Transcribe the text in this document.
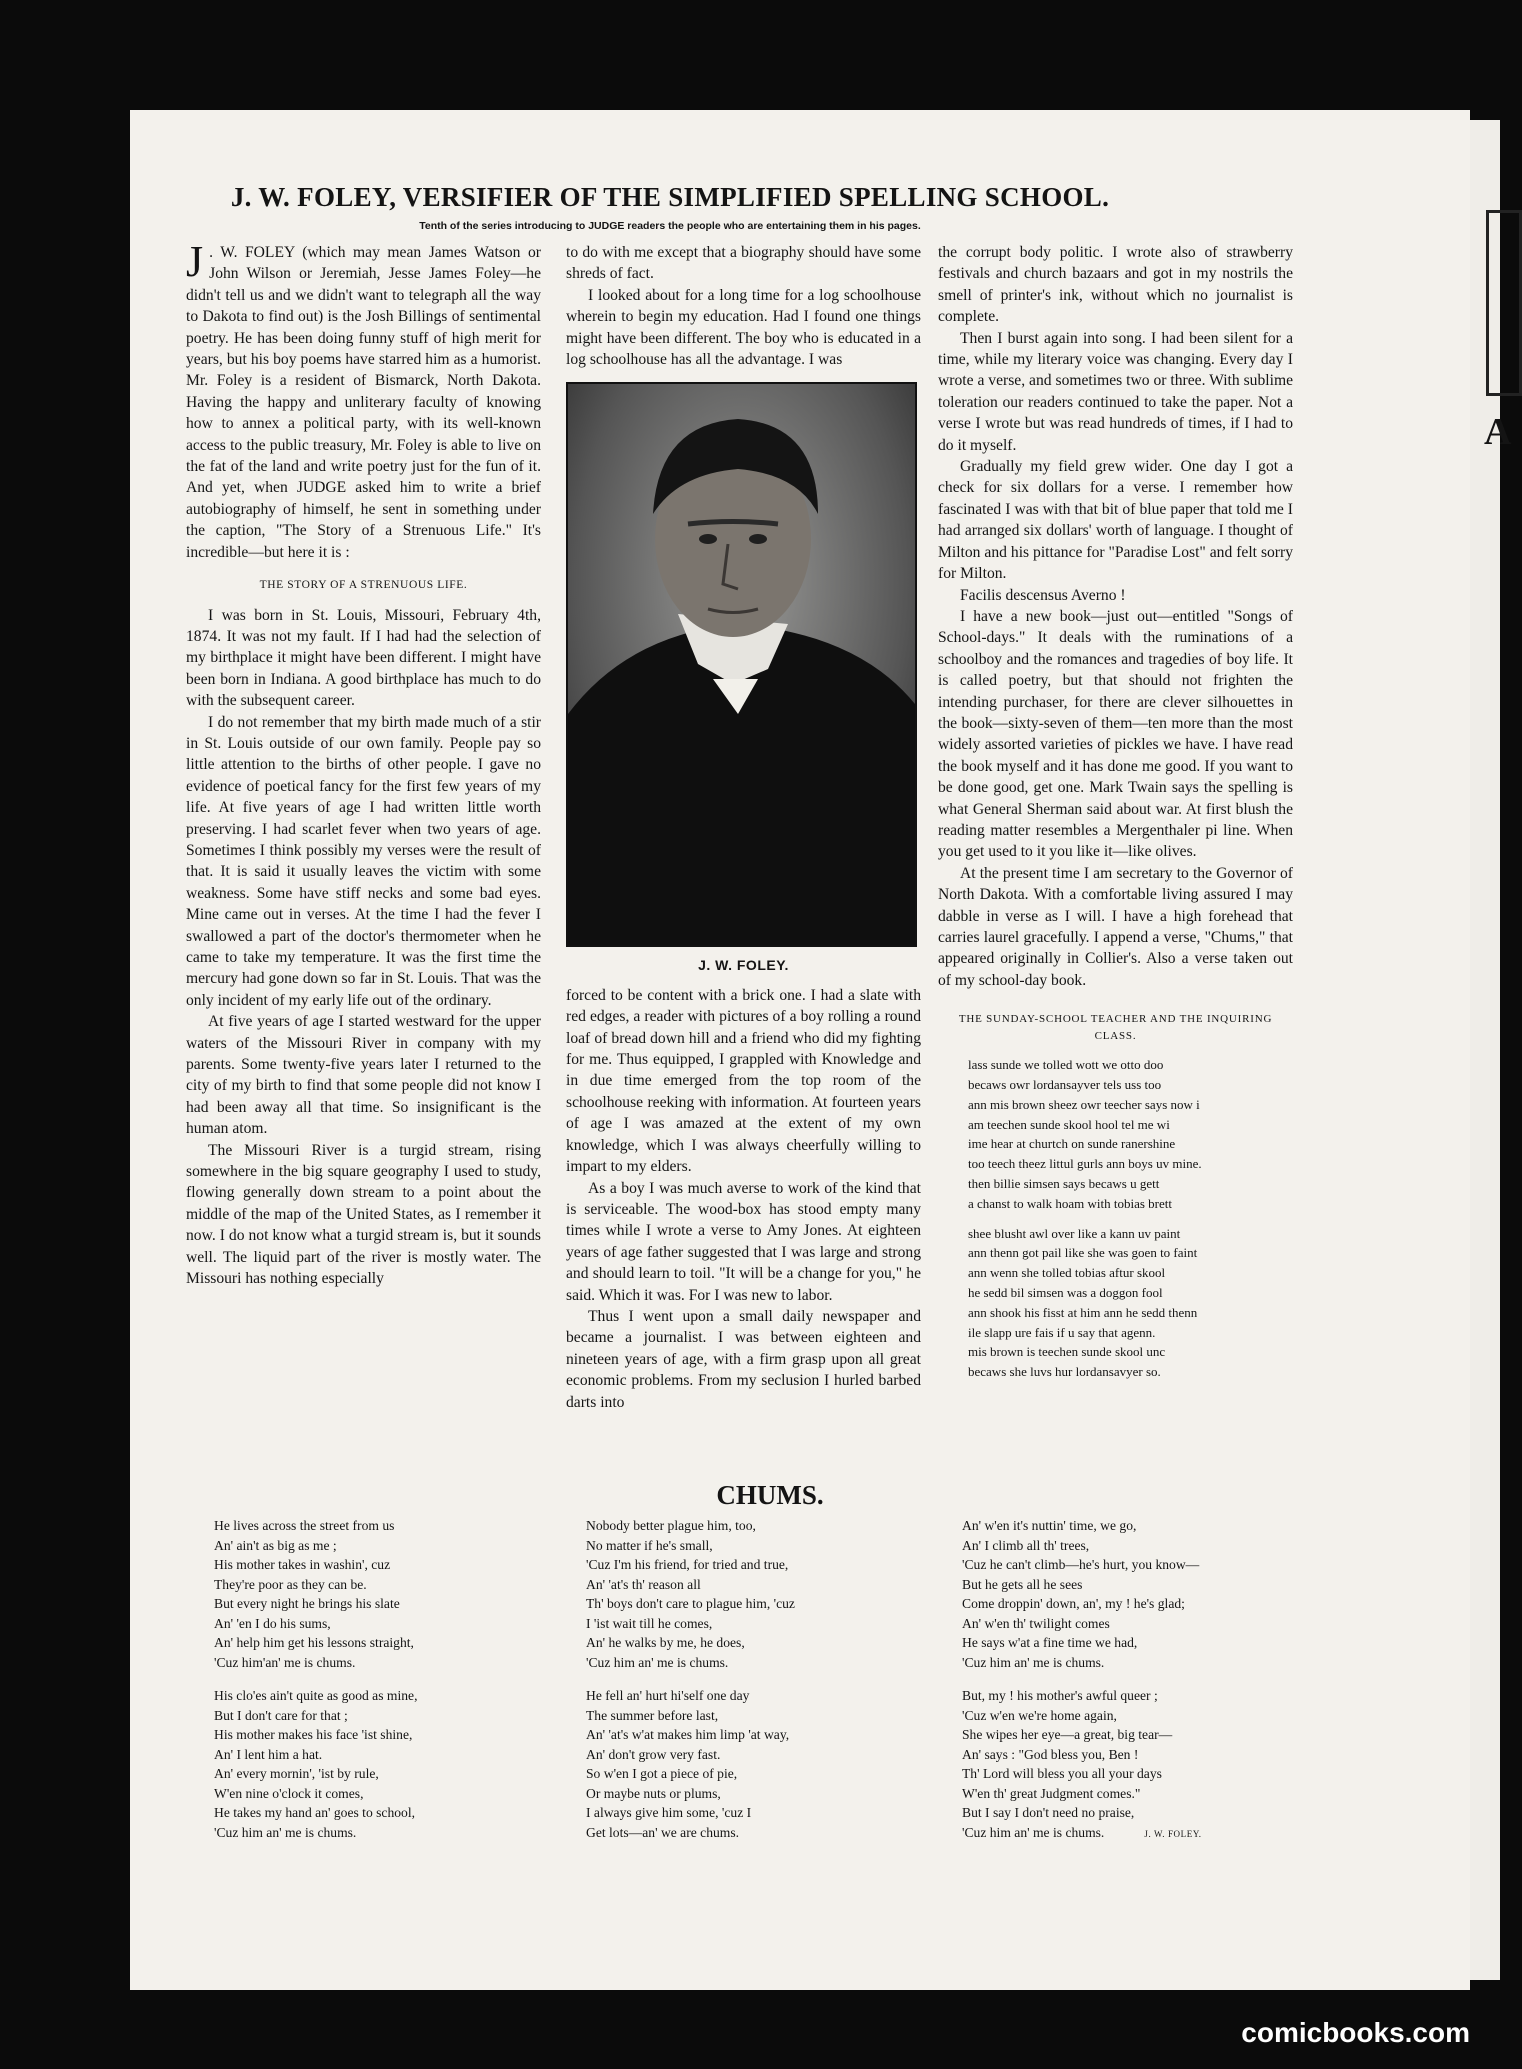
A
J. W. FOLEY, VERSIFIER OF THE SIMPLIFIED SPELLING SCHOOL.
Tenth of the series introducing to JUDGE readers the people who are entertaining them in his pages.

J . W. FOLEY (which may mean James Watson or John Wilson or Jeremiah, Jesse James Foley—he didn't tell us and we didn't want to telegraph all the way to Dakota to find out) is the Josh Billings of sentimental poetry. He has been doing funny stuff of high merit for years, but his boy poems have starred him as a humorist. Mr. Foley is a resident of Bismarck, North Dakota. Having the happy and unliterary faculty of knowing how to annex a political party, with its well-known access to the public treasury, Mr. Foley is able to live on the fat of the land and write poetry just for the fun of it. And yet, when JUDGE asked him to write a brief autobiography of himself, he sent in something under the caption, "The Story of a Strenuous Life." It's incredible—but here it is :

THE STORY OF A STRENUOUS LIFE.

I was born in St. Louis, Missouri, February 4th, 1874. It was not my fault. If I had had the selection of my birthplace it might have been different. I might have been born in Indiana. A good birthplace has much to do with the subsequent career.

I do not remember that my birth made much of a stir in St. Louis outside of our own family. People pay so little attention to the births of other people. I gave no evidence of poetical fancy for the first few years of my life. At five years of age I had written little worth preserving. I had scarlet fever when two years of age. Sometimes I think possibly my verses were the result of that. It is said it usually leaves the victim with some weakness. Some have stiff necks and some bad eyes. Mine came out in verses. At the time I had the fever I swallowed a part of the doctor's thermometer when he came to take my temperature. It was the first time the mercury had gone down so far in St. Louis. That was the only incident of my early life out of the ordinary.

At five years of age I started westward for the upper waters of the Missouri River in company with my parents. Some twenty-five years later I returned to the city of my birth to find that some people did not know I had been away all that time. So insignificant is the human atom.

The Missouri River is a turgid stream, rising somewhere in the big square geography I used to study, flowing generally down stream to a point about the middle of the map of the United States, as I remember it now. I do not know what a turgid stream is, but it sounds well. The liquid part of the river is mostly water. The Missouri has nothing especially

to do with me except that a biography should have some shreds of fact.

I looked about for a long time for a log schoolhouse wherein to begin my education. Had I found one things might have been different. The boy who is educated in a log schoolhouse has all the advantage. I was

J. W. FOLEY.

forced to be content with a brick one. I had a slate with red edges, a reader with pictures of a boy rolling a round loaf of bread down hill and a friend who did my fighting for me. Thus equipped, I grappled with Knowledge and in due time emerged from the top room of the schoolhouse reeking with information. At fourteen years of age I was amazed at the extent of my own knowledge, which I was always cheerfully willing to impart to my elders.

As a boy I was much averse to work of the kind that is serviceable. The wood-box has stood empty many times while I wrote a verse to Amy Jones. At eighteen years of age father suggested that I was large and strong and should learn to toil. "It will be a change for you," he said. Which it was. For I was new to labor.

Thus I went upon a small daily newspaper and became a journalist. I was between eighteen and nineteen years of age, with a firm grasp upon all great economic problems. From my seclusion I hurled barbed darts into

the corrupt body politic. I wrote also of strawberry festivals and church bazaars and got in my nostrils the smell of printer's ink, without which no journalist is complete.

Then I burst again into song. I had been silent for a time, while my literary voice was changing. Every day I wrote a verse, and sometimes two or three. With sublime toleration our readers continued to take the paper. Not a verse I wrote but was read hundreds of times, if I had to do it myself.

Gradually my field grew wider. One day I got a check for six dollars for a verse. I remember how fascinated I was with that bit of blue paper that told me I had arranged six dollars' worth of language. I thought of Milton and his pittance for "Paradise Lost" and felt sorry for Milton.

Facilis descensus Averno !

I have a new book—just out—entitled "Songs of School-days." It deals with the ruminations of a schoolboy and the romances and tragedies of boy life. It is called poetry, but that should not frighten the intending purchaser, for there are clever silhouettes in the book—sixty-seven of them—ten more than the most widely assorted varieties of pickles we have. I have read the book myself and it has done me good. If you want to be done good, get one. Mark Twain says the spelling is what General Sherman said about war. At first blush the reading matter resembles a Mergenthaler pi line. When you get used to it you like it—like olives.

At the present time I am secretary to the Governor of North Dakota. With a comfortable living assured I may dabble in verse as I will. I have a high forehead that carries laurel gracefully. I append a verse, "Chums," that appeared originally in Collier's. Also a verse taken out of my school-day book.

THE SUNDAY-SCHOOL TEACHER AND THE INQUIRING CLASS.
lass sunde we tolled wott we otto doo
becaws owr lordansayver tels uss too
ann mis brown sheez owr teecher says now i
am teechen sunde skool hool tel me wi
ime hear at churtch on sunde ranershine
too teech theez littul gurls ann boys uv mine.
then billie simsen says becaws u gett
a chanst to walk hoam with tobias brett
shee blusht awl over like a kann uv paint
ann thenn got pail like she was goen to faint
ann wenn she tolled tobias aftur skool
he sedd bil simsen was a doggon fool
ann shook his fisst at him ann he sedd thenn
ile slapp ure fais if u say that agenn.
mis brown is teechen sunde skool unc
becaws she luvs hur lordansavyer so.
CHUMS.
He lives across the street from us
An' ain't as big as me ;
His mother takes in washin', cuz
They're poor as they can be.
But every night he brings his slate
An' 'en I do his sums,
An' help him get his lessons straight,
'Cuz him'an' me is chums.
His clo'es ain't quite as good as mine,
But I don't care for that ;
His mother makes his face 'ist shine,
An' I lent him a hat.
An' every mornin', 'ist by rule,
W'en nine o'clock it comes,
He takes my hand an' goes to school,
'Cuz him an' me is chums.
Nobody better plague him, too,
No matter if he's small,
'Cuz I'm his friend, for tried and true,
An' 'at's th' reason all
Th' boys don't care to plague him, 'cuz
I 'ist wait till he comes,
An' he walks by me, he does,
'Cuz him an' me is chums.
He fell an' hurt hi'self one day
The summer before last,
An' 'at's w'at makes him limp 'at way,
An' don't grow very fast.
So w'en I got a piece of pie,
Or maybe nuts or plums,
I always give him some, 'cuz I
Get lots—an' we are chums.
An' w'en it's nuttin' time, we go,
An' I climb all th' trees,
'Cuz he can't climb—he's hurt, you know—
But he gets all he sees
Come droppin' down, an', my ! he's glad;
An' w'en th' twilight comes
He says w'at a fine time we had,
'Cuz him an' me is chums.
But, my ! his mother's awful queer ;
'Cuz w'en we're home again,
She wipes her eye—a great, big tear—
An' says : "God bless you, Ben !
Th' Lord will bless you all your days
W'en th' great Judgment comes."
But I say I don't need no praise,
'Cuz him an' me is chums.	J. W. FOLEY.
comicbooks.com
